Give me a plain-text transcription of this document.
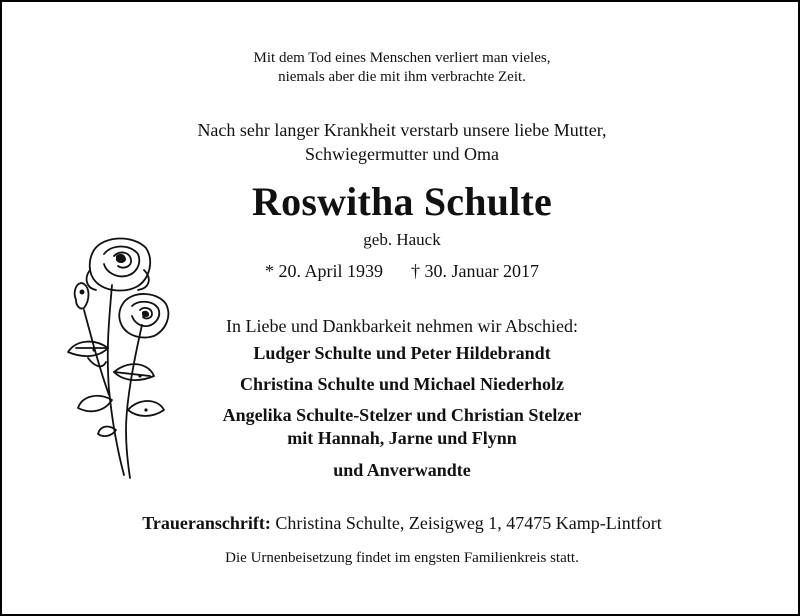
Mit dem Tod eines Menschen verliert man vieles,
niemals aber die mit ihm verbrachte Zeit.
Nach sehr langer Krankheit verstarb unsere liebe Mutter,
Schwiegermutter und Oma
Roswitha Schulte
geb. Hauck
* 20. April 1939 † 30. Januar 2017
In Liebe und Dankbarkeit nehmen wir Abschied:
Ludger Schulte und Peter Hildebrandt
Christina Schulte und Michael Niederholz
Angelika Schulte-Stelzer und Christian Stelzer
mit Hannah, Jarne und Flynn
und Anverwandte
Traueranschrift: Christina Schulte, Zeisigweg 1, 47475 Kamp-Lintfort
Die Urnenbeisetzung findet im engsten Familienkreis statt.
